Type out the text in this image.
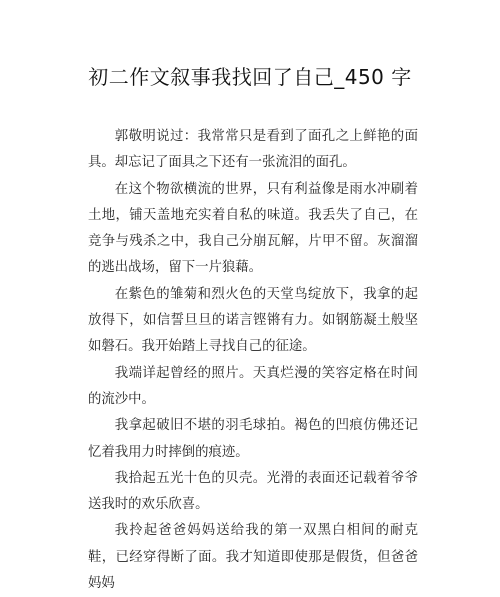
初二作文叙事我找回了自己_450 字

郭敬明说过：我常常只是看到了面孔之上鲜艳的面具。却忘记了面具之下还有一张流泪的面孔。

在这个物欲横流的世界，只有利益像是雨水冲刷着土地，铺天盖地充实着自私的味道。我丢失了自己，在竞争与残杀之中，我自己分崩瓦解，片甲不留。灰溜溜的逃出战场，留下一片狼藉。

在紫色的雏菊和烈火色的天堂鸟绽放下，我拿的起放得下，如信誓旦旦的诺言铿锵有力。如钢筋凝土般坚如磐石。我开始踏上寻找自己的征途。

我端详起曾经的照片。天真烂漫的笑容定格在时间的流沙中。

我拿起破旧不堪的羽毛球拍。褐色的凹痕仿佛还记忆着我用力时摔倒的痕迹。

我拾起五光十色的贝壳。光滑的表面还记载着爷爷送我时的欢乐欣喜。

我拎起爸爸妈妈送给我的第一双黑白相间的耐克鞋，已经穿得断了面。我才知道即使那是假货，但爸爸妈妈
